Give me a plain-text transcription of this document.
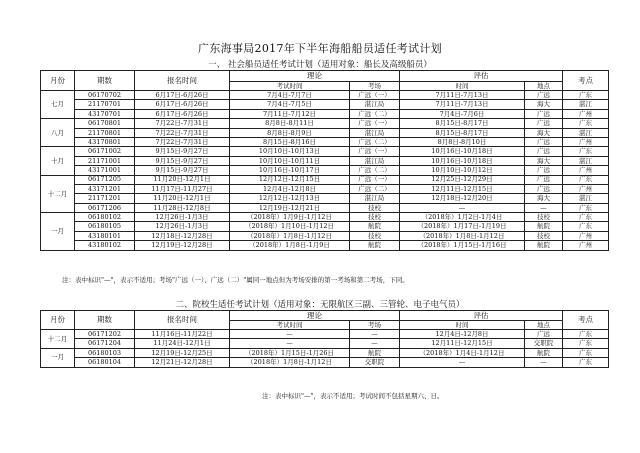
广东海事局2017年下半年海船船员适任考试计划
一、 社会船员适任考试计划（适用对象：船长及高级船员）
月份	期数	报名时间	理论		评估		考点
			考试时间	考场	时间	地点	
七月	06170702	6月17日-6月26日	7月4日-7月7日	广远（一）	7月11日-7月13日	广远	广东
	21170701	6月17日-6月26日	7月4日-7月5日	湛江局	7月11日-7月13日	海大	湛江
	43170701	6月17日-6月26日	7月11日-7月12日	广远（二）	7月4日-7月6日	广远	广州
八月	06170801	7月22日-7月31日	8月8日-8月11日	广远（一）	8月15日-8月17日	广远	广东
	21170801	7月22日-7月31日	8月8日-8月9日	湛江局	8月15日-8月17日	海大	湛江
	43170801	7月22日-7月31日	8月15日-8月16日	广远（二）	8月8日-8月10日	广远	广州
十月	06171002	9月15日-9月27日	10月10日-10月13日	广远（一）	10月16日-10月18日	广远	广东
	21171001	9月15日-9月27日	10月10日-10月11日	湛江局	10月16日-10月18日	海大	湛江
	43171001	9月15日-9月27日	10月16日-10月17日	广远（二）	10月10日-10月12日	广远	广州
十二月	06171205	11月20日-12月1日	12月12日-12月15日	广远（一）	12月25日-12月29日	广远	广东
	43171201	11月17日-11月27日	12月4日-12月8日	广远（二）	12月11日-12月15日	广远	广州
	21171201	11月20日-12月1日	12月12日-12月13日	湛江局	12月18日-12月20日	海大	湛江
	06171206	11月28日-12月8日	12月19日-12月21日	技校	—	—	广东
一月	06180102	12月26日-1月3日	（2018年）1月9日-1月12日	技校	（2018年）1月2日-1月4日	技校	广东
	06180105	12月26日-1月3日	（2018年）1月10日-1月12日	航院	（2018年）1月17日-1月19日	航院	广东
	43180101	12月18日-12月28日	（2018年）1月8日-1月12日	技校	（2018年）1月8日-1月12日	技校	广州
	43180102	12月19日-12月28日	（2018年）1月8日-1月9日	航院	（2018年）1月15日-1月16日	航院	广州
注：表中标识"—"，表示不适用；考场"广远（一）、广远（二）"属同一地点但为考场安排的第一考场和第二考场，下同。
二、院校生适任考试计划（适用对象：无限航区三副、三管轮、电子电气员）
月份	期数	报名时间	理论		评估		考点
			考试时间	考场	时间	地点	
十二月	06171202	11月16日-11月22日	—	—	12月4日-12月8日	广远	广东
	06171204	11月24日-12月1日	—	—	12月11日-12月15日	交职院	广东
一月	06180103	12月19日-12月25日	（2018年）1月15日-1月26日	航院	（2018年）1月4日-1月12日	航院	广东
	06180104	12月21日-12月28日	（2018年）1月8日-1月12日	交职院	—	—	广东
注：表中标识"—"，表示不适用；考试时间不包括星期六、日。
